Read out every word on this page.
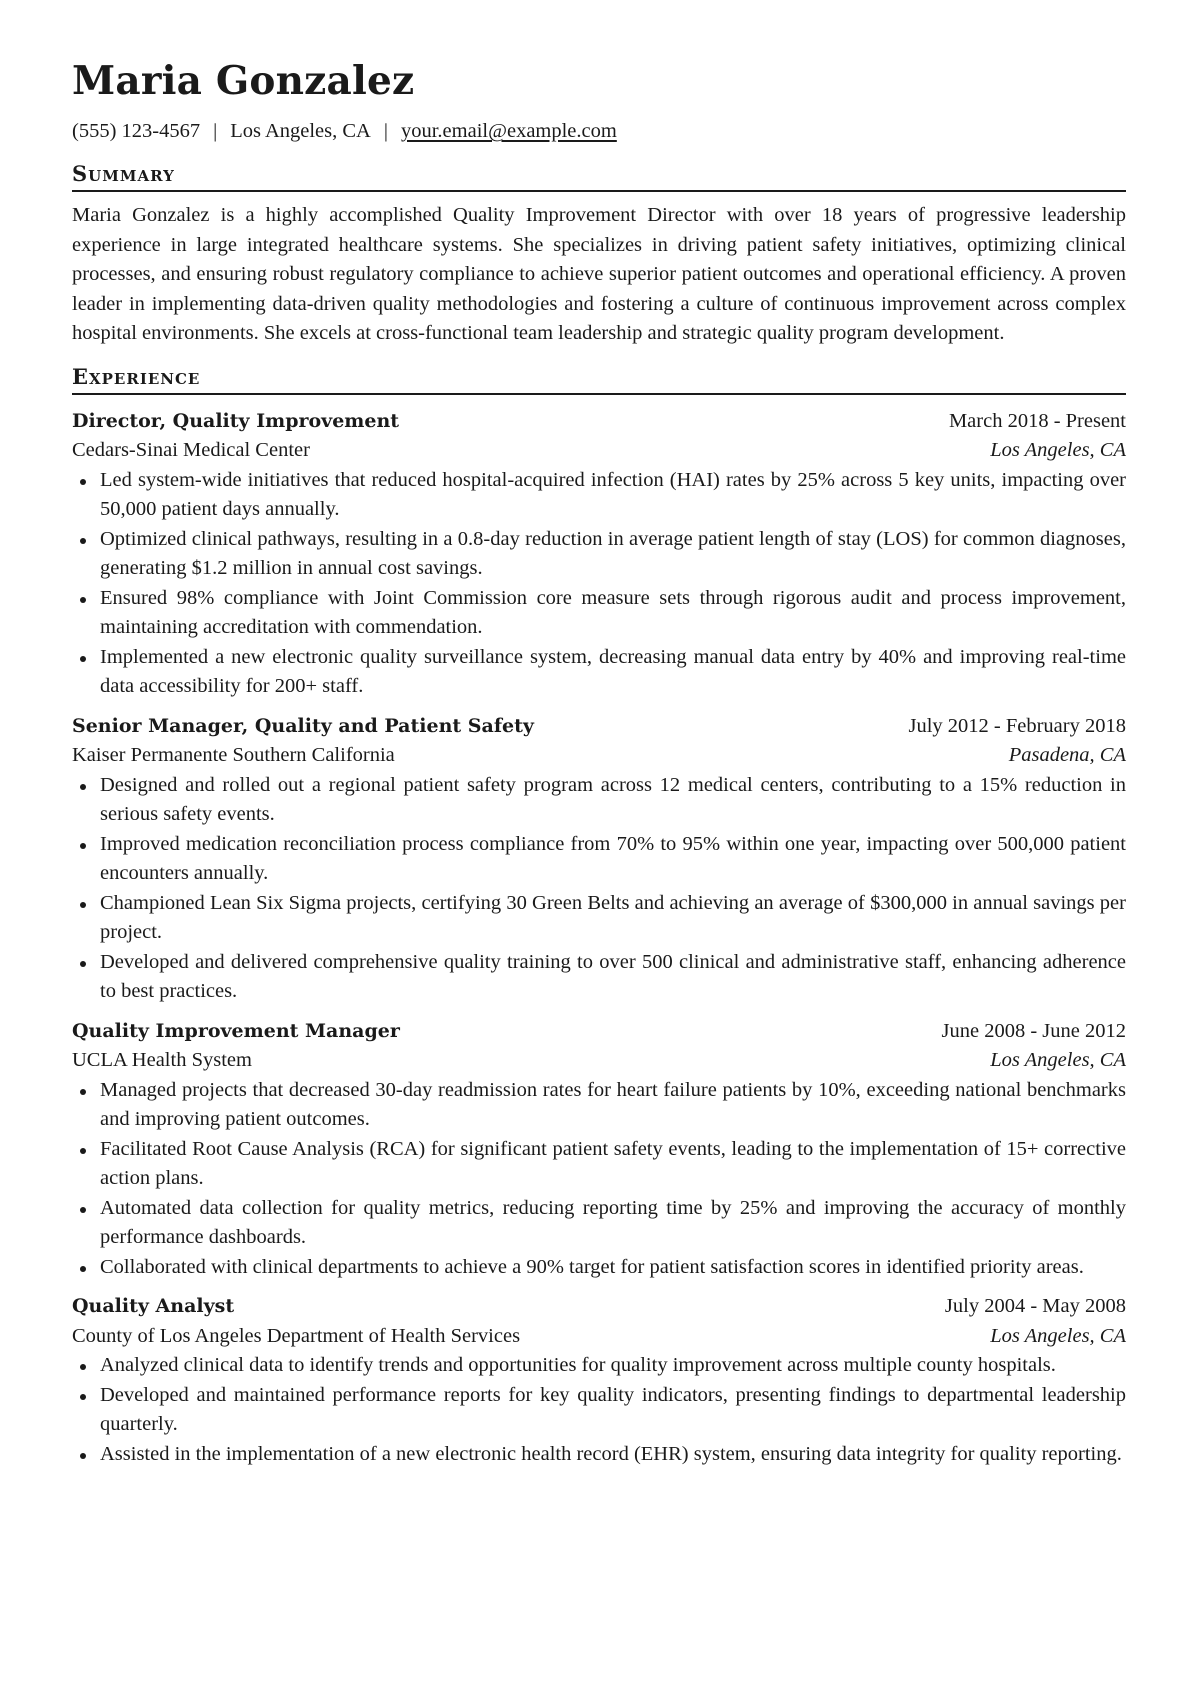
Maria Gonzalez
(555) 123-4567 | Los Angeles, CA | your.email@example.com
Summary
Maria Gonzalez is a highly accomplished Quality Improvement Director with over 18 years of progressive leadership experience in large integrated healthcare systems. She specializes in driving patient safety initiatives, optimizing clinical processes, and ensuring robust regulatory compliance to achieve superior patient outcomes and operational efficiency. A proven leader in implementing data-driven quality methodologies and fostering a culture of continuous improvement across complex hospital environments. She excels at cross-functional team leadership and strategic quality program development.
Experience
Director, Quality Improvement	March 2018 - Present
Cedars-Sinai Medical Center	Los Angeles, CA
Led system-wide initiatives that reduced hospital-acquired infection (HAI) rates by 25% across 5 key units, impacting over 50,000 patient days annually.
Optimized clinical pathways, resulting in a 0.8-day reduction in average patient length of stay (LOS) for common diagnoses, generating $1.2 million in annual cost savings.
Ensured 98% compliance with Joint Commission core measure sets through rigorous audit and process improvement, maintaining accreditation with commendation.
Implemented a new electronic quality surveillance system, decreasing manual data entry by 40% and improving real-time data accessibility for 200+ staff.
Senior Manager, Quality and Patient Safety	July 2012 - February 2018
Kaiser Permanente Southern California	Pasadena, CA
Designed and rolled out a regional patient safety program across 12 medical centers, contributing to a 15% reduction in serious safety events.
Improved medication reconciliation process compliance from 70% to 95% within one year, impacting over 500,000 patient encounters annually.
Championed Lean Six Sigma projects, certifying 30 Green Belts and achieving an average of $300,000 in annual savings per project.
Developed and delivered comprehensive quality training to over 500 clinical and administrative staff, enhancing adherence to best practices.
Quality Improvement Manager	June 2008 - June 2012
UCLA Health System	Los Angeles, CA
Managed projects that decreased 30-day readmission rates for heart failure patients by 10%, exceeding national benchmarks and improving patient outcomes.
Facilitated Root Cause Analysis (RCA) for significant patient safety events, leading to the implementation of 15+ corrective action plans.
Automated data collection for quality metrics, reducing reporting time by 25% and improving the accuracy of monthly performance dashboards.
Collaborated with clinical departments to achieve a 90% target for patient satisfaction scores in identified priority areas.
Quality Analyst	July 2004 - May 2008
County of Los Angeles Department of Health Services	Los Angeles, CA
Analyzed clinical data to identify trends and opportunities for quality improvement across multiple county hospitals.
Developed and maintained performance reports for key quality indicators, presenting findings to departmental leadership quarterly.
Assisted in the implementation of a new electronic health record (EHR) system, ensuring data integrity for quality reporting.
